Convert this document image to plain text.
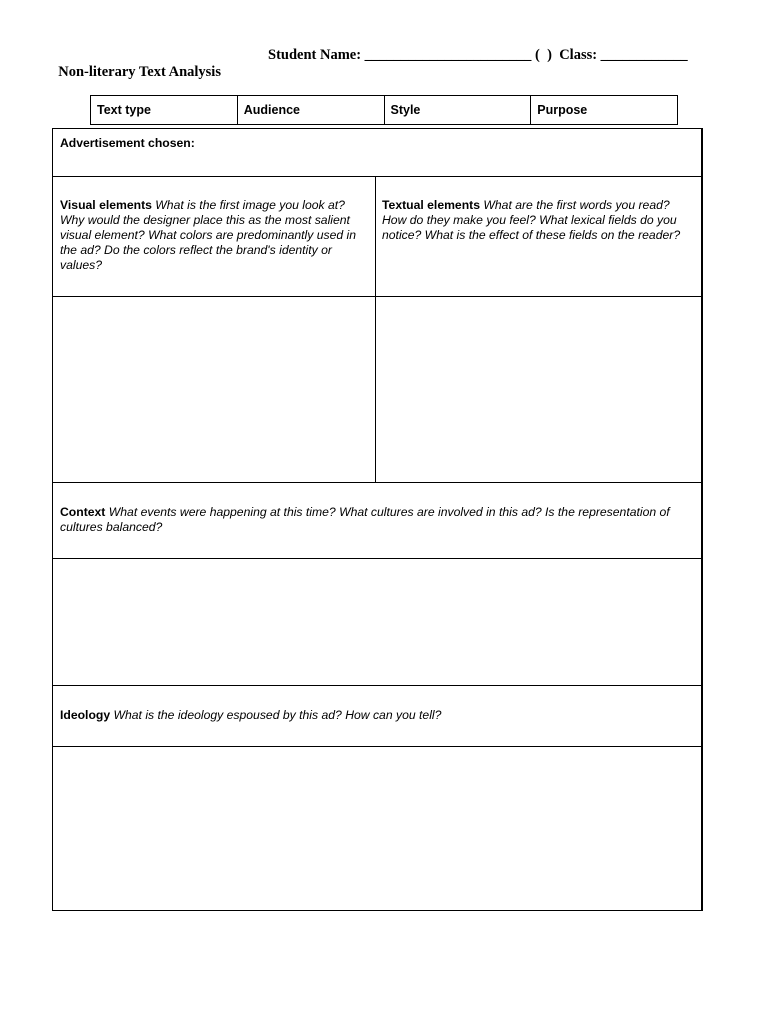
Non-literary Text Analysis

Student Name: _______________________ (  )  Class: ____________

Text type	Audience	Style	Purpose
Advertisement chosen:
Visual elements What is the first image you look at? Why would the designer place this as the most salient visual element? What colors are predominantly used in the ad? Do the colors reflect the brand's identity or values?
Textual elements What are the first words you read? How do they make you feel? What lexical fields do you notice? What is the effect of these fields on the reader?
Context What events were happening at this time? What cultures are involved in this ad? Is the representation of cultures balanced?
Ideology What is the ideology espoused by this ad? How can you tell?
